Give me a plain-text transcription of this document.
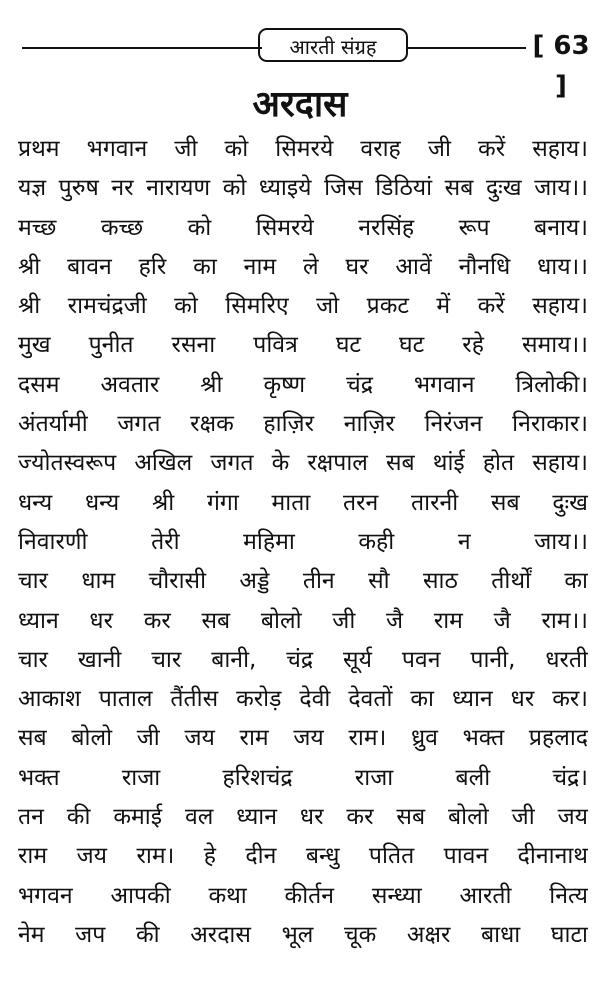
आरती संग्रह	[ 63 ]
अरदास
प्रथम भगवान जी को सिमरये वराह जी करें सहाय।
यज्ञ पुरुष नर नारायण को ध्याइये जिस डिठियां सब दुःख जाय।।
मच्छ कच्छ को सिमरये नरसिंह रूप बनाय।
श्री बावन हरि का नाम ले घर आवें नौनधि धाय।।
श्री रामचंद्रजी को सिमरिए जो प्रकट में करें सहाय।
मुख पुनीत रसना पवित्र घट घट रहे समाय।।
दसम अवतार श्री कृष्ण चंद्र भगवान त्रिलोकी।
अंतर्यामी जगत रक्षक हाज़िर नाज़िर निरंजन निराकार।
ज्योतस्वरूप अखिल जगत के रक्षपाल सब थांई होत सहाय।
धन्य धन्य श्री गंगा माता तरन तारनी सब दुःख
निवारणी तेरी महिमा कही न जाय।।
चार धाम चौरासी अड्डे तीन सौ साठ तीर्थों का
ध्यान धर कर सब बोलो जी जै राम जै राम।।
चार खानी चार बानी, चंद्र सूर्य पवन पानी, धरती
आकाश पाताल तैंतीस करोड़ देवी देवतों का ध्यान धर कर।
सब बोलो जी जय राम जय राम। ध्रुव भक्त प्रहलाद
भक्त राजा हरिशचंद्र राजा बली चंद्र।
तन की कमाई वल ध्यान धर कर सब बोलो जी जय
राम जय राम। हे दीन बन्धु पतित पावन दीनानाथ
भगवन आपकी कथा कीर्तन सन्ध्या आरती नित्य
नेम जप की अरदास भूल चूक अक्षर बाधा घाटा
